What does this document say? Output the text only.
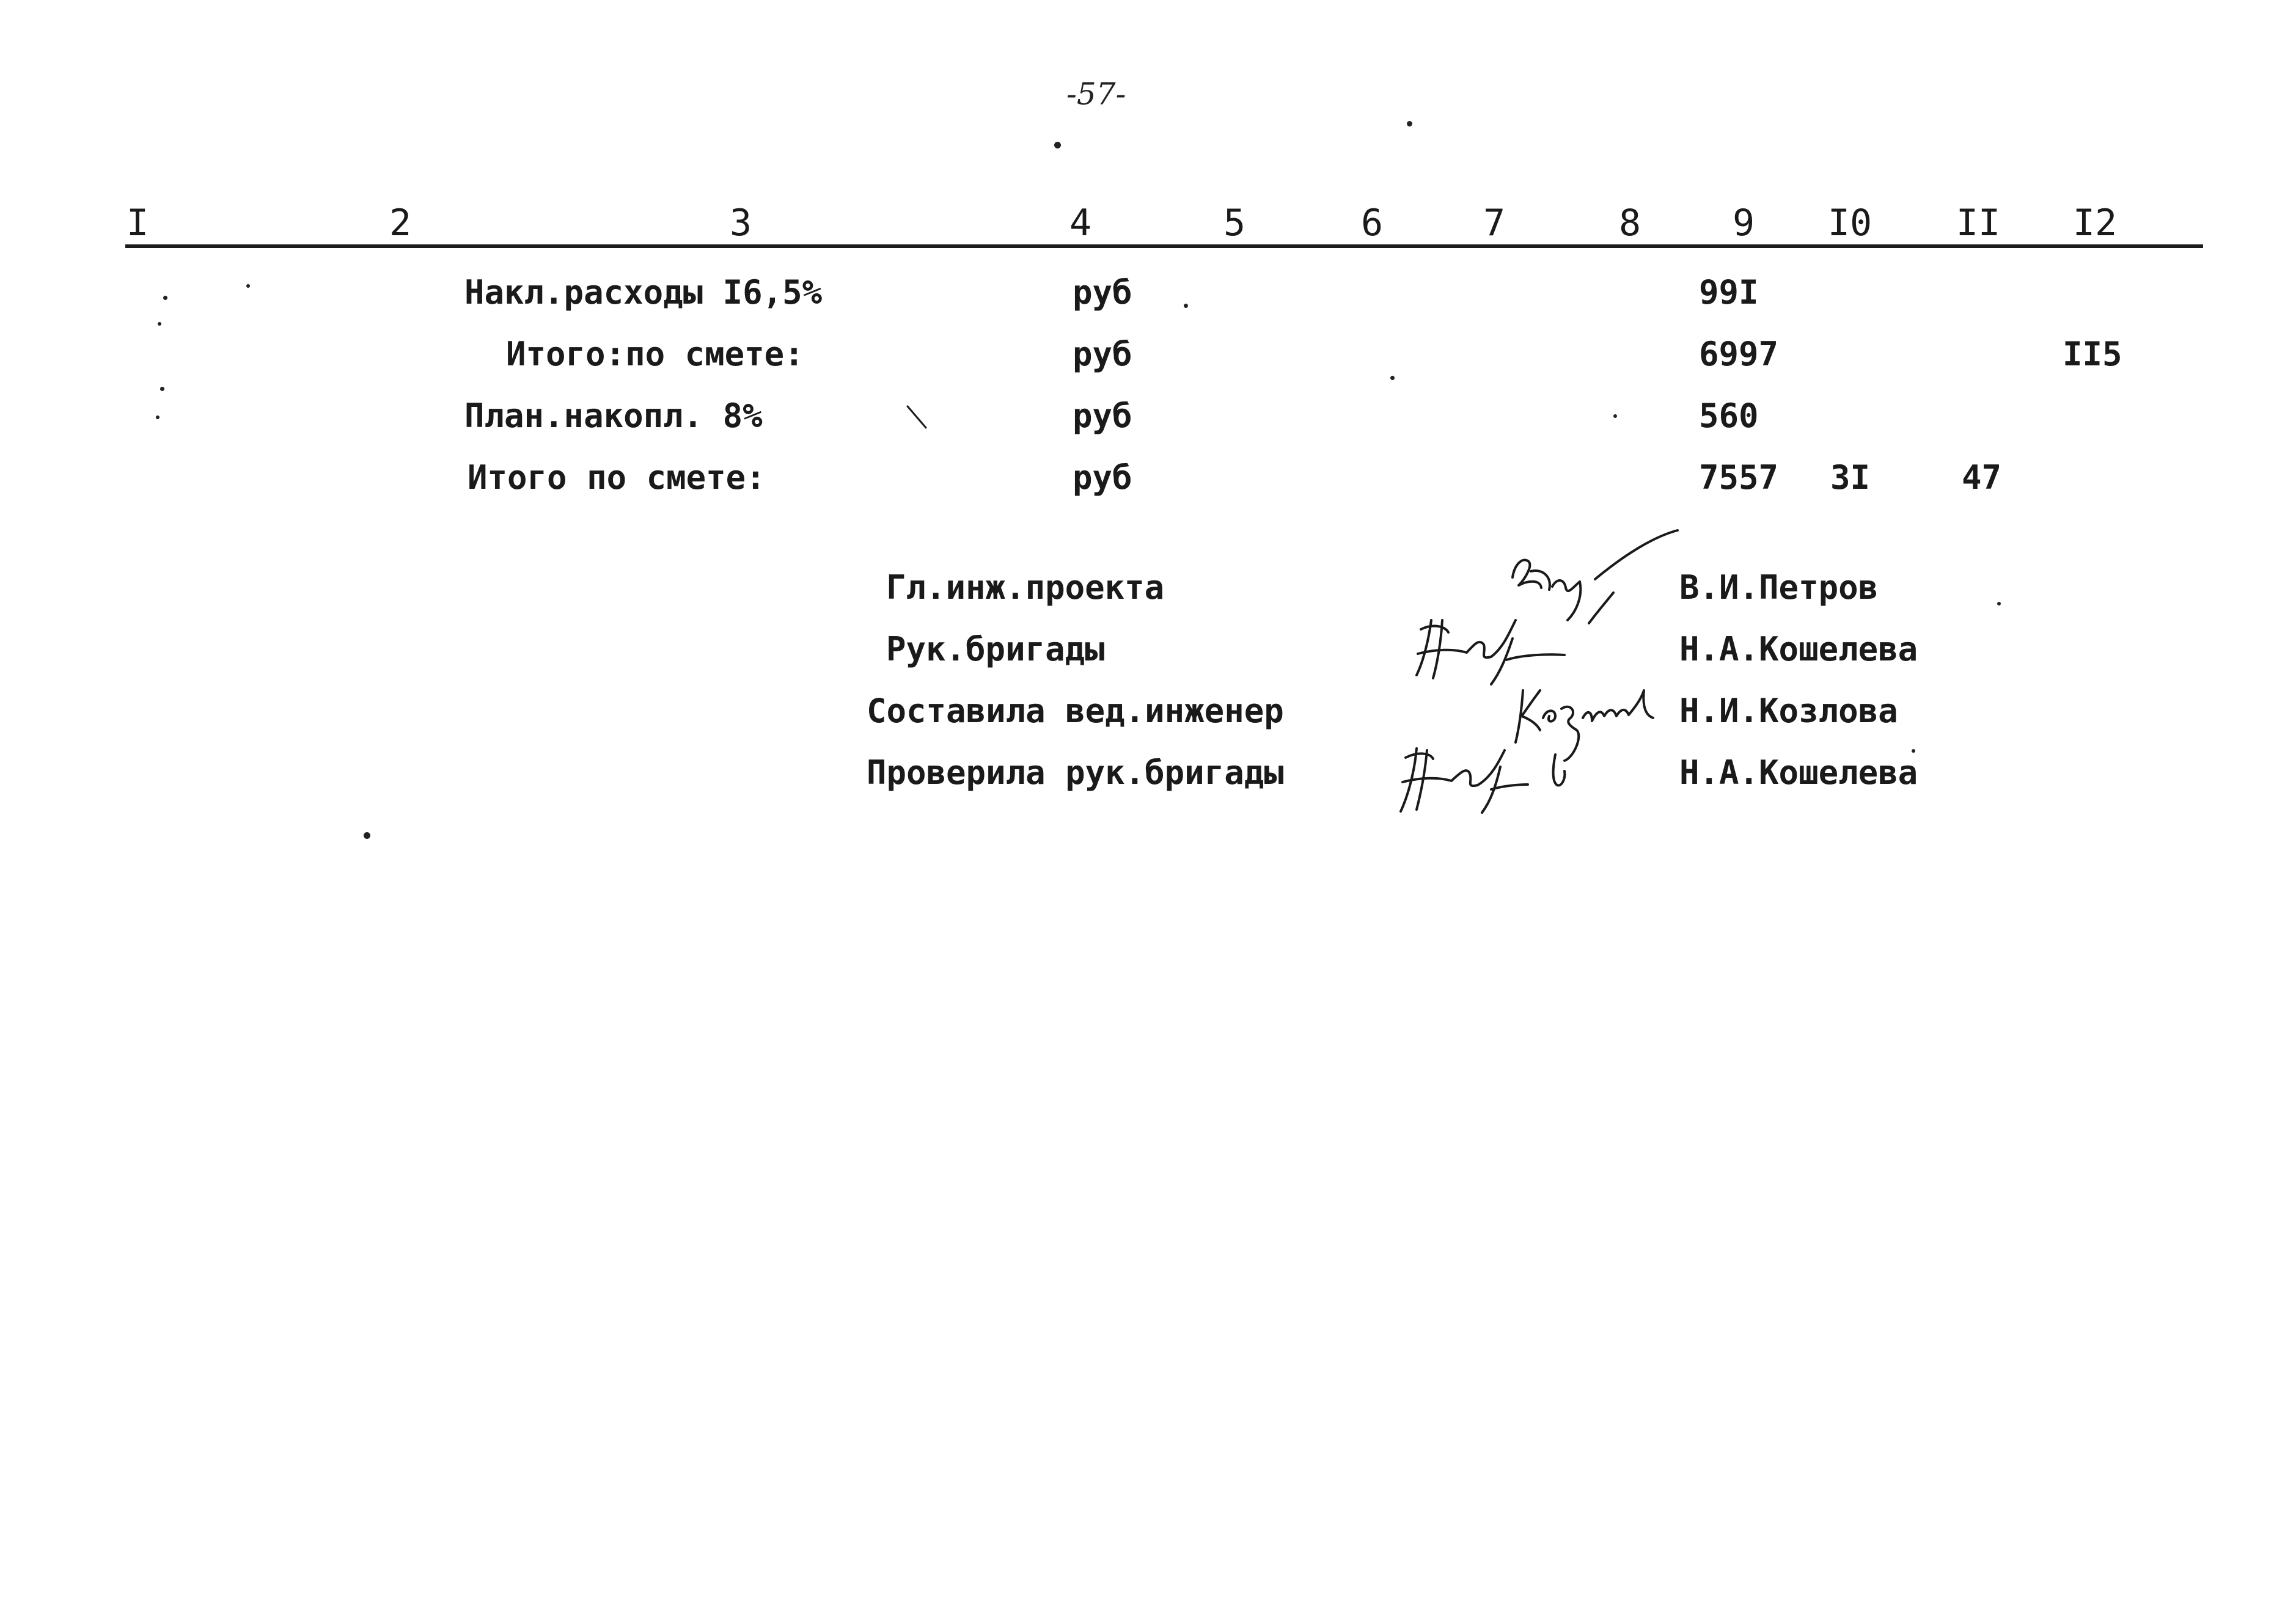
-57-
I	2	3	4	5	6	7	8 9 I0 II I2
Накл.расходы I6,5%	руб	99I
Итого:по смете:	руб	6997	II5
План.накопл. 8%	руб	560
Итого по смете:	руб	7557 3I	47
Гл.инж.проекта	В.И.Петров
Рук.бригады	Н.А.Кошелева
Составила вед.инженер	Н.И.Козлова
Проверила рук.бригады	Н.А.Кошелева
